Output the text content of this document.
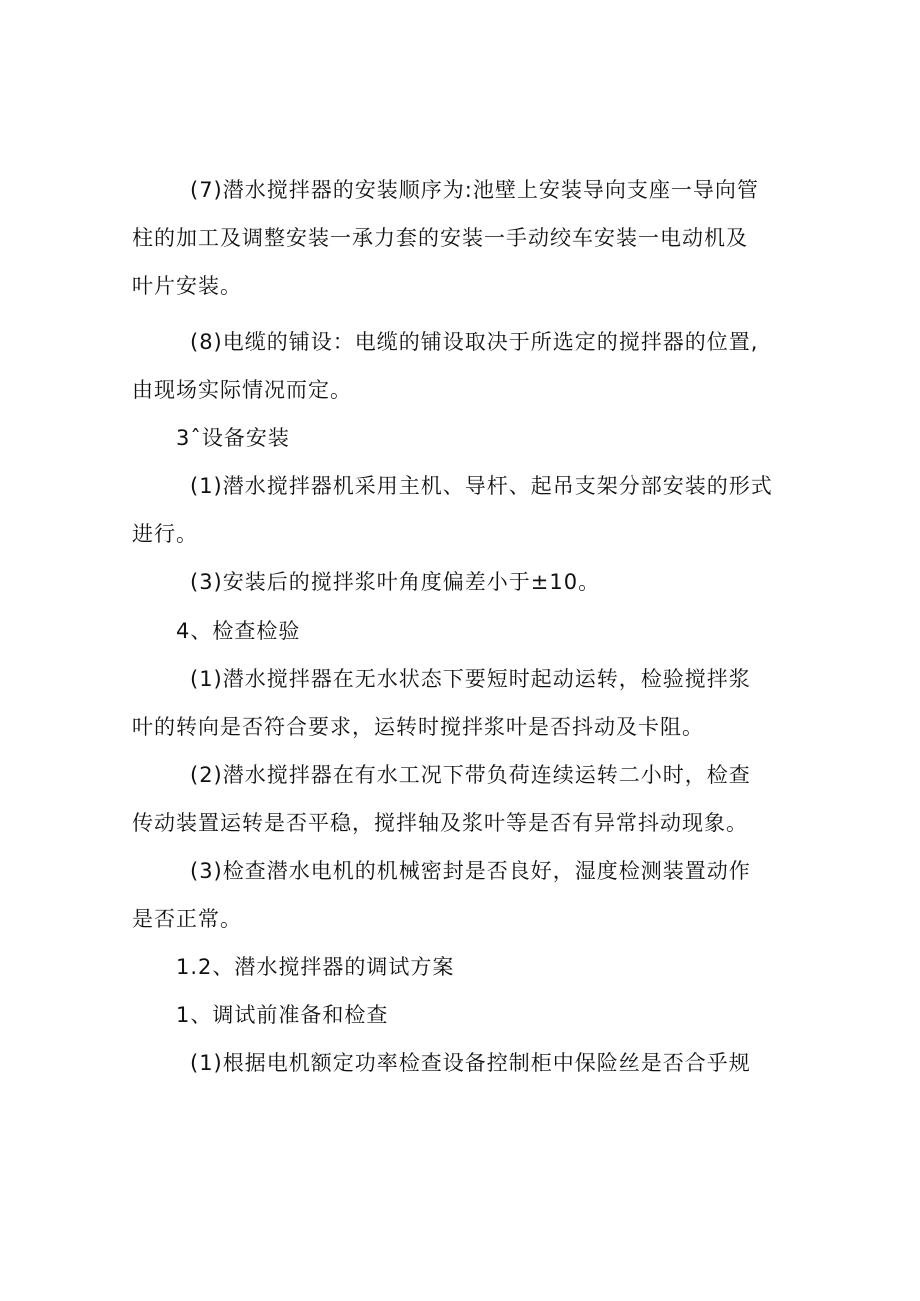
(7)潜水搅拌器的安装顺序为:池壁上安装导向支座一导向管
柱的加工及调整安装一承力套的安装一手动绞车安装一电动机及
叶片安装。
(8)电缆的铺设：电缆的铺设取决于所选定的搅拌器的位置,
由现场实际情况而定。
3ˆ设备安装
(1)潜水搅拌器机采用主机、导杆、起吊支架分部安装的形式
进行。
(3)安装后的搅拌浆叶角度偏差小于±10。
4、检查检验
(1)潜水搅拌器在无水状态下要短时起动运转，检验搅拌浆
叶的转向是否符合要求，运转时搅拌浆叶是否抖动及卡阻。
(2)潜水搅拌器在有水工况下带负荷连续运转二小时，检查
传动装置运转是否平稳，搅拌轴及浆叶等是否有异常抖动现象。
(3)检查潜水电机的机械密封是否良好，湿度检测装置动作
是否正常。
1.2、潜水搅拌器的调试方案
1、调试前准备和检查
(1)根据电机额定功率检查设备控制柜中保险丝是否合乎规
